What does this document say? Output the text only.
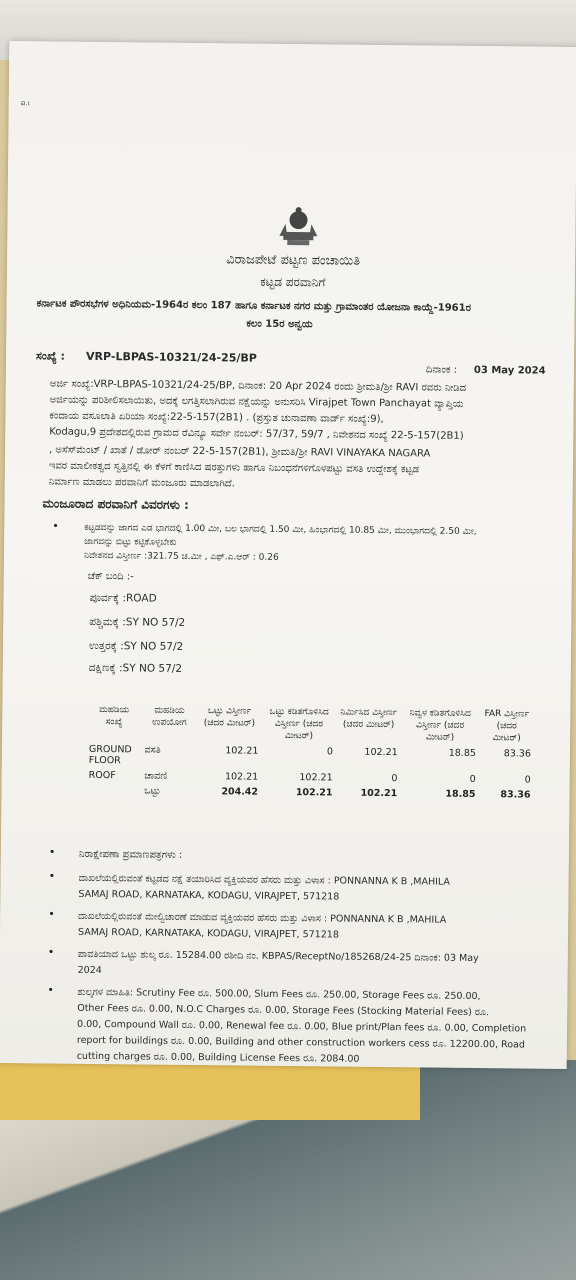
ລ.ι
ವಿರಾಜಪೇಟೆ ಪಟ್ಟಣ ಪಂಚಾಯಿತಿ
ಕಟ್ಟಡ ಪರವಾನಿಗೆ
ಕರ್ನಾಟಕ ಪೌರಸಭೆಗಳ ಅಧಿನಿಯಮ-1964ರ ಕಲಂ 187 ಹಾಗೂ ಕರ್ನಾಟಕ ನಗರ ಮತ್ತು ಗ್ರಾಮಾಂತರ ಯೋಜನಾ ಕಾಯ್ದೆ-1961ರ
ಕಲಂ 15ರ ಅನ್ವಯ
ಸಂಖ್ಯೆ : VRP-LBPAS-10321/24-25/BP
ದಿನಾಂಕ : 03 May 2024
ಅರ್ಜಿ ಸಂಖ್ಯೆ:VRP-LBPAS-10321/24-25/BP, ದಿನಾಂಕ: 20 Apr 2024 ರಂದು ಶ್ರೀಮತಿ/ಶ್ರೀ RAVI ರವರು ನೀಡಿದ
ಅರ್ಜಿಯನ್ನು ಪರಿಶೀಲಿಸಲಾಯಿತು, ಅದಕ್ಕೆ ಲಗತ್ತಿಸಲಾಗಿರುವ ನಕ್ಷೆಯನ್ನು ಅನುಸರಿಸಿ Virajpet Town Panchayat ವ್ಯಾಪ್ತಿಯ
ಕಂದಾಯ ವಸೂಲಾತಿ ಏರಿಯಾ ಸಂಖ್ಯೆ:22-5-157(2B1) . (ಪ್ರಸ್ತುತ ಚುನಾವಣಾ ವಾರ್ಡ್ ಸಂಖ್ಯೆ:9),
Kodagu,9 ಪ್ರದೇಶದಲ್ಲಿರುವ ಗ್ರಾಮದ ರೆವಿನ್ಯೂ ಸರ್ವೇ ನಂಬರ್: 57/37, 59/7 , ನಿವೇಶನದ ಸಂಖ್ಯೆ 22-5-157(2B1)
, ಅಸೆಸ್‌ಮೆಂಟ್ / ಖಾತೆ / ಡೋರ್ ನಂಬರ್ 22-5-157(2B1), ಶ್ರೀಮತಿ/ಶ್ರೀ RAVI VINAYAKA NAGARA
ಇವರ ಮಾಲೀಕತ್ವದ ಸ್ವತ್ತಿನಲ್ಲಿ ಈ ಕೆಳಗೆ ಕಾಣಿಸಿದ ಷರತ್ತುಗಳು ಹಾಗೂ ನಿಬಂಧನೆಗಳಿಗೊಳಪಟ್ಟು ವಸತಿ ಉದ್ದೇಶಕ್ಕೆ ಕಟ್ಟಡ
ನಿರ್ಮಾಣ ಮಾಡಲು ಪರವಾನಿಗೆ ಮಂಜೂರು ಮಾಡಲಾಗಿದೆ.
ಮಂಜೂರಾದ ಪರವಾನಿಗೆ ವಿವರಗಳು :
•	ಕಟ್ಟಡವನ್ನು ಜಾಗದ ಎಡ ಭಾಗದಲ್ಲಿ 1.00 ಮೀ, ಬಲ ಭಾಗದಲ್ಲಿ 1.50 ಮೀ, ಹಿಂಭಾಗದಲ್ಲಿ 10.85 ಮೀ, ಮುಂಭಾಗದಲ್ಲಿ 2.50 ಮೀ,
ಜಾಗವನ್ನು ಬಿಟ್ಟು ಕಟ್ಟಿಕೊಳ್ಳಬೇಕು
ನಿವೇಶನದ ವಿಸ್ತೀರ್ಣ :321.75 ಚ.ಮೀ , ಎಫ್.ಎ.ಆರ್ : 0.26
ಚೆಕ್ ಬಂದಿ :-
ಪೂರ್ವಕ್ಕೆ :ROAD
ಪಶ್ಚಿಮಕ್ಕೆ :SY NO 57/2
ಉತ್ತರಕ್ಕೆ :SY NO 57/2
ದಕ್ಷಿಣಕ್ಕೆ :SY NO 57/2
ಮಹಡಿಯ ಸಂಖ್ಯೆ	ಮಹಡಿಯ ಉಪಯೋಗ	ಒಟ್ಟು ವಿಸ್ತೀರ್ಣ (ಚದರ ಮೀಟರ್)	ಒಟ್ಟು ಕಡಿತಗೊಳಿಸಿದ ವಿಸ್ತೀರ್ಣ (ಚದರ ಮೀಟರ್)	ನಿರ್ಮಿಸಿದ ವಿಸ್ತೀರ್ಣ (ಚದರ ಮೀಟರ್)	ನಿವ್ವಳ ಕಡಿತಗೊಳಿಸಿದ ವಿಸ್ತೀರ್ಣ (ಚದರ ಮೀಟರ್)	FAR ವಿಸ್ತೀರ್ಣ (ಚದರ ಮೀಟರ್)
GROUND FLOOR	ವಸತಿ	102.21	0	102.21	18.85	83.36
ROOF	ಚಾವಣಿ	102.21	102.21	0	0	0
	ಒಟ್ಟು	204.42	102.21	102.21	18.85	83.36
• ನಿರಾಕ್ಷೇಪಣಾ ಪ್ರಮಾಣಪತ್ರಗಳು :
• ದಾಖಲೆಯಲ್ಲಿರುವಂತೆ ಕಟ್ಟಡದ ನಕ್ಷೆ ತಯಾರಿಸಿದ ವ್ಯಕ್ತಿಯವರ ಹೆಸರು ಮತ್ತು ವಿಳಾಸ : PONNANNA K B ,MAHILA
SAMAJ ROAD, KARNATAKA, KODAGU, VIRAJPET, 571218
• ದಾಖಲೆಯಲ್ಲಿರುವಂತೆ ಮೇಲ್ವಿಚಾರಣೆ ಮಾಡುವ ವ್ಯಕ್ತಿಯವರ ಹೆಸರು ಮತ್ತು ವಿಳಾಸ : PONNANNA K B ,MAHILA
SAMAJ ROAD, KARNATAKA, KODAGU, VIRAJPET, 571218
• ಪಾವತಿಯಾದ ಒಟ್ಟು ಶುಲ್ಕ ರೂ. 15284.00 ರಶೀದಿ ನಂ. KBPAS/ReceptNo/185268/24-25 ದಿನಾಂಕ: 03 May
2024
• ಶುಲ್ಕಗಳ ಮಾಹಿತಿ: Scrutiny Fee ರೂ. 500.00, Slum Fees ರೂ. 250.00, Storage Fees ರೂ. 250.00,
Other Fees ರೂ. 0.00, N.O.C Charges ರೂ. 0.00, Storage Fees (Stocking Material Fees) ರೂ.
0.00, Compound Wall ರೂ. 0.00, Renewal fee ರೂ. 0.00, Blue print/Plan fees ರೂ. 0.00, Completion
report for buildings ರೂ. 0.00, Building and other construction workers cess ರೂ. 12200.00, Road
cutting charges ರೂ. 0.00, Building License Fees ರೂ. 2084.00
